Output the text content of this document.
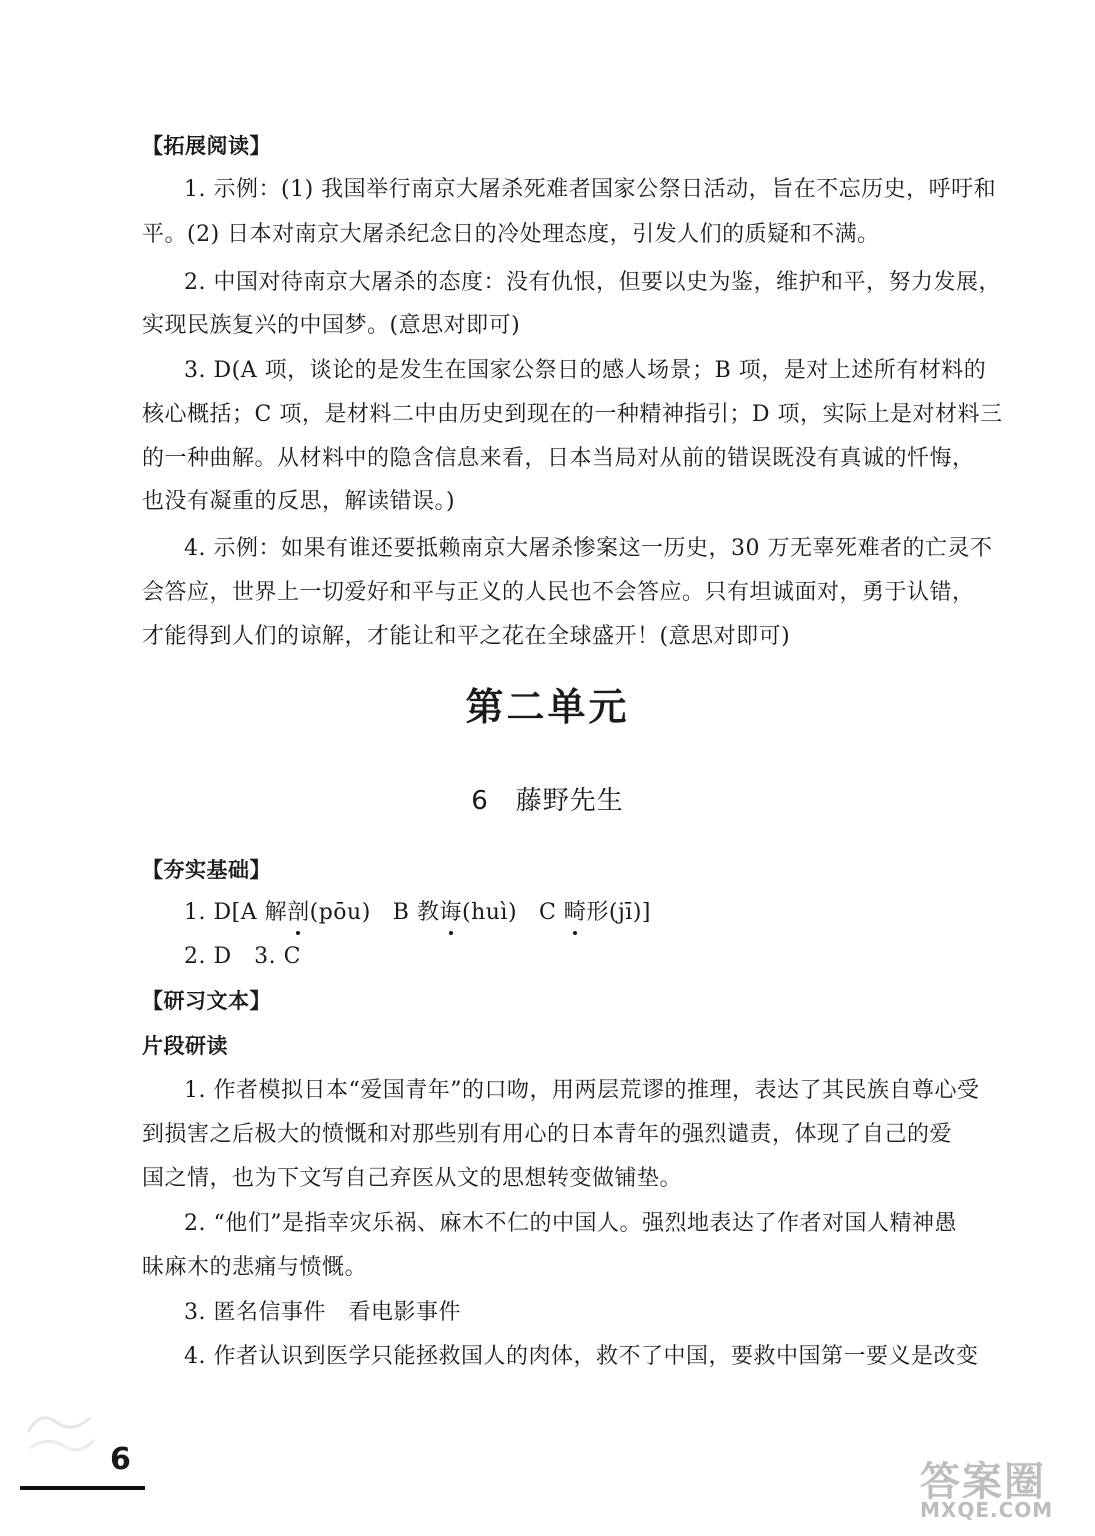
【拓展阅读】
1. 示例：(1) 我国举行南京大屠杀死难者国家公祭日活动，旨在不忘历史，呼吁和
平。(2) 日本对南京大屠杀纪念日的冷处理态度，引发人们的质疑和不满。
2. 中国对待南京大屠杀的态度：没有仇恨，但要以史为鉴，维护和平，努力发展，
实现民族复兴的中国梦。(意思对即可)
3. D(A 项，谈论的是发生在国家公祭日的感人场景；B 项，是对上述所有材料的
核心概括；C 项，是材料二中由历史到现在的一种精神指引；D 项，实际上是对材料三
的一种曲解。从材料中的隐含信息来看，日本当局对从前的错误既没有真诚的忏悔，
也没有凝重的反思，解读错误。)
4. 示例：如果有谁还要抵赖南京大屠杀惨案这一历史，30 万无辜死难者的亡灵不
会答应，世界上一切爱好和平与正义的人民也不会答应。只有坦诚面对，勇于认错，
才能得到人们的谅解，才能让和平之花在全球盛开！(意思对即可)
第二单元
6　藤野先生
【夯实基础】
1. D[A 解剖(pōu) B 教诲(huì) C 畸形(jī)]
2. D　3. C
【研习文本】
片段研读
1. 作者模拟日本“爱国青年”的口吻，用两层荒谬的推理，表达了其民族自尊心受
到损害之后极大的愤慨和对那些别有用心的日本青年的强烈谴责，体现了自己的爱
国之情，也为下文写自己弃医从文的思想转变做铺垫。
2. “他们”是指幸灾乐祸、麻木不仁的中国人。强烈地表达了作者对国人精神愚
昧麻木的悲痛与愤慨。
3. 匿名信事件　看电影事件
4. 作者认识到医学只能拯救国人的肉体，救不了中国，要救中国第一要义是改变
6	答案圈
MXQE.COM
